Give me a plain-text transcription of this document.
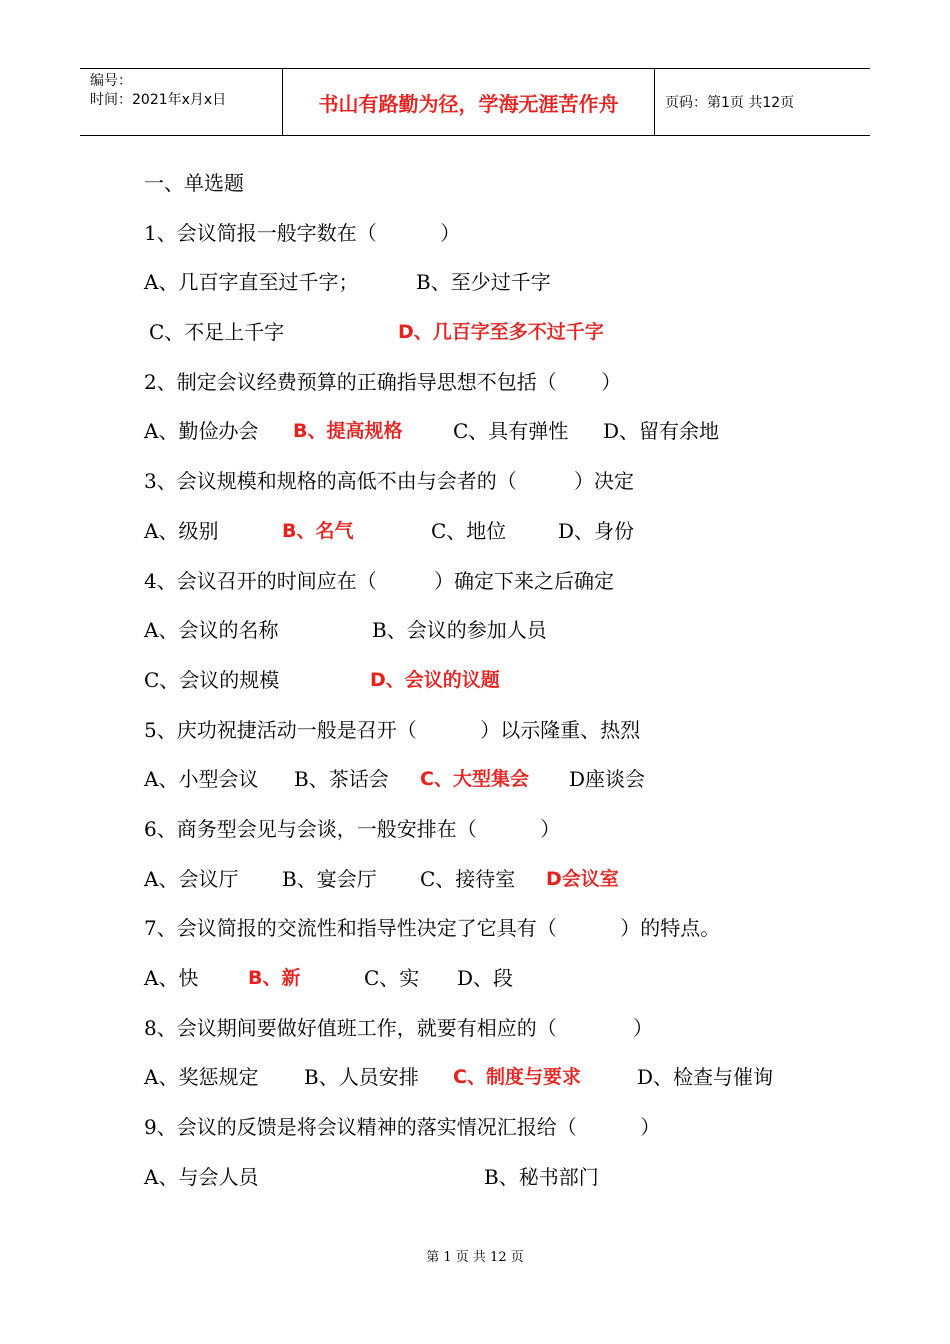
编号：
时间：2021年x月x日	书山有路勤为径，学海无涯苦作舟	页码：第1页 共12页
一、单选题
1、会议简报一般字数在（          ）
A、几百字直至过千字；	B、至少过千字
C、不足上千字	D、几百字至多不过千字
2、制定会议经费预算的正确指导思想不包括（       ）
A、勤俭办会 B、提高规格	C、具有弹性 D、留有余地
3、会议规模和规格的高低不由与会者的（         ）决定
A、级别	B、名气	C、地位	D、身份
4、会议召开的时间应在（         ）确定下来之后确定
A、会议的名称	B、会议的参加人员
C、会议的规模	D、会议的议题
5、庆功祝捷活动一般是召开（          ）以示隆重、热烈
A、小型会议 B、茶话会 C、大型集会 D座谈会
6、商务型会见与会谈，一般安排在（          ）
A、会议厅 B、宴会厅 C、接待室 D会议室
7、会议简报的交流性和指导性决定了它具有（          ）的特点。
A、快	B、新	C、实 D、段
8、会议期间要做好值班工作，就要有相应的（            ）
A、奖惩规定 B、人员安排 C、制度与要求	D、检查与催询
9、会议的反馈是将会议精神的落实情况汇报给（          ）
A、与会人员	B、秘书部门
第 1 页 共 12 页
